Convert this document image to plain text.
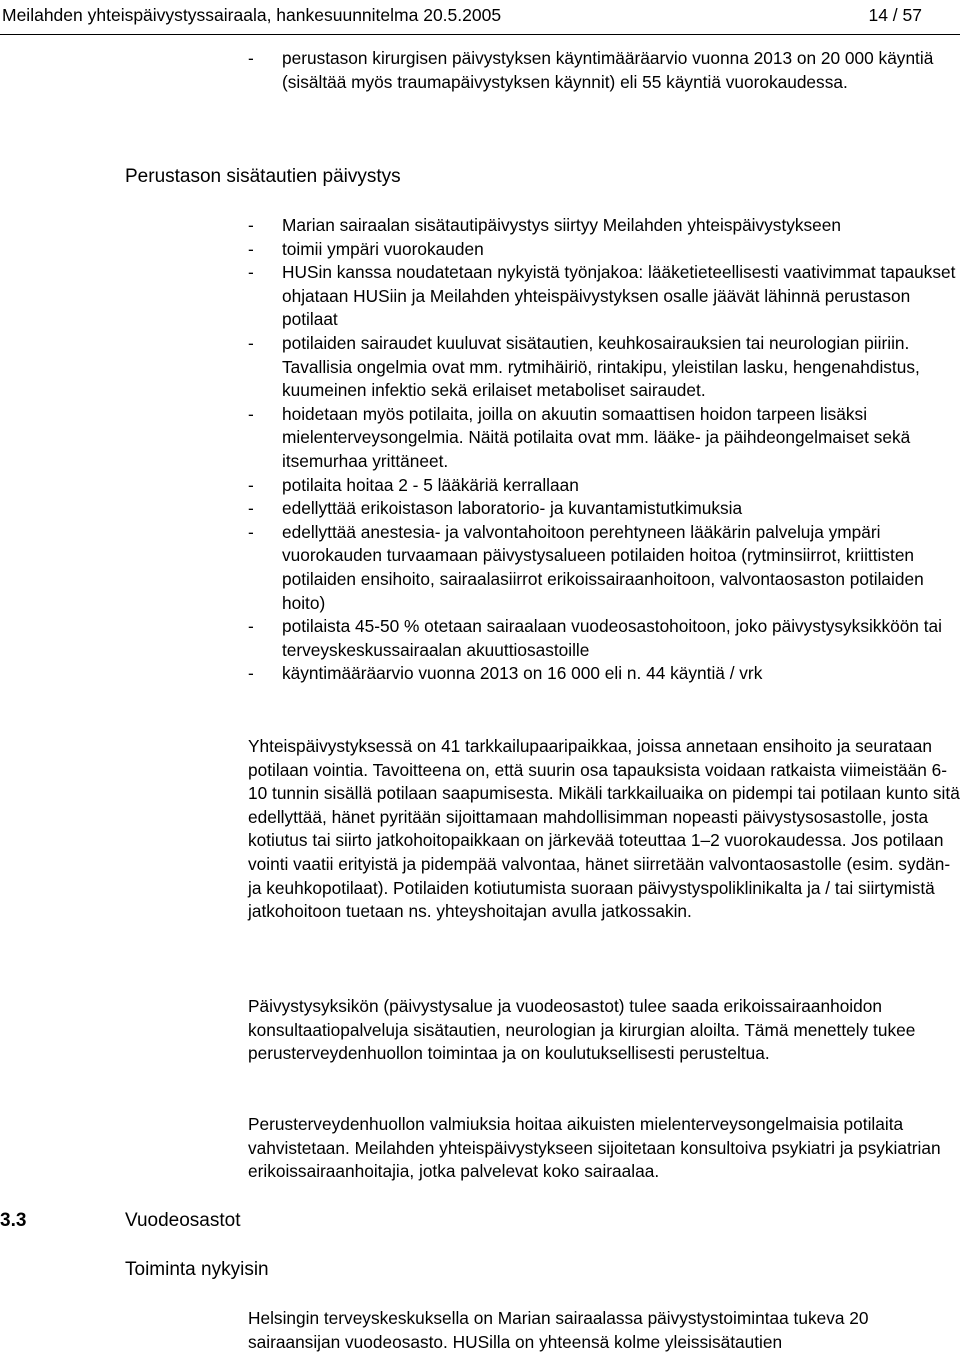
Meilahden yhteispäivystyssairaala, hankesuunnitelma 20.5.2005	14 / 57
- perustason kirurgisen päivystyksen käyntimääräarvio vuonna 2013 on 20 000 käyntiä (sisältää myös traumapäivystyksen käynnit) eli 55 käyntiä vuorokaudessa.
Perustason sisätautien päivystys
- Marian sairaalan sisätautipäivystys siirtyy Meilahden yhteispäivystykseen
- toimii ympäri vuorokauden
- HUSin kanssa noudatetaan nykyistä työnjakoa: lääketieteellisesti vaativimmat tapaukset ohjataan HUSiin ja Meilahden yhteispäivystyksen osalle jäävät lähinnä perustason potilaat
- potilaiden sairaudet kuuluvat sisätautien, keuhkosairauksien tai neurologian piiriin. Tavallisia ongelmia ovat mm. rytmihäiriö, rintakipu, yleistilan lasku, hengenahdistus, kuumeinen infektio sekä erilaiset metaboliset sairaudet.
- hoidetaan myös potilaita, joilla on akuutin somaattisen hoidon tarpeen lisäksi mielenterveysongelmia. Näitä potilaita ovat mm. lääke- ja päihdeongelmaiset sekä itsemurhaa yrittäneet.
- potilaita hoitaa 2 - 5 lääkäriä kerrallaan
- edellyttää erikoistason laboratorio- ja kuvantamistutkimuksia
- edellyttää anestesia- ja valvontahoitoon perehtyneen lääkärin palveluja ympäri vuorokauden turvaamaan päivystysalueen potilaiden hoitoa (rytminsiirrot, kriittisten potilaiden ensihoito, sairaalasiirrot erikoissairaanhoitoon, valvontaosaston potilaiden hoito)
- potilaista 45-50 % otetaan sairaalaan vuodeosastohoitoon, joko päivystysyksikköön tai terveyskeskussairaalan akuuttiosastoille
- käyntimääräarvio vuonna 2013 on 16 000 eli n. 44 käyntiä / vrk

Yhteispäivystyksessä on 41 tarkkailupaaripaikkaa, joissa annetaan ensihoito ja seurataan potilaan vointia. Tavoitteena on, että suurin osa tapauksista voidaan ratkaista viimeistään 6-10 tunnin sisällä potilaan saapumisesta. Mikäli tarkkailuaika on pidempi tai potilaan kunto sitä edellyttää, hänet pyritään sijoittamaan mahdollisimman nopeasti päivystysosastolle, josta kotiutus tai siirto jatkohoitopaikkaan on järkevää toteuttaa 1–2 vuorokaudessa. Jos potilaan vointi vaatii erityistä ja pidempää valvontaa, hänet siirretään valvontaosastolle (esim. sydän- ja keuhkopotilaat). Potilaiden kotiutumista suoraan päivystyspoliklinikalta ja / tai siirtymistä jatkohoitoon tuetaan ns. yhteyshoitajan avulla jatkossakin.

Päivystysyksikön (päivystysalue ja vuodeosastot) tulee saada erikoissairaanhoidon konsultaatiopalveluja sisätautien, neurologian ja kirurgian aloilta. Tämä menettely tukee perusterveydenhuollon toimintaa ja on koulutuksellisesti perusteltua.

Perusterveydenhuollon valmiuksia hoitaa aikuisten mielenterveysongelmaisia potilaita vahvistetaan. Meilahden yhteispäivystykseen sijoitetaan konsultoiva psykiatri ja psykiatrian erikoissairaanhoitajia, jotka palvelevat koko sairaalaa.

3.3	Vuodeosastot
Toiminta nykyisin

Helsingin terveyskeskuksella on Marian sairaalassa päivystystoimintaa tukeva 20 sairaansijan vuodeosasto. HUSilla on yhteensä kolme yleissisätautien
